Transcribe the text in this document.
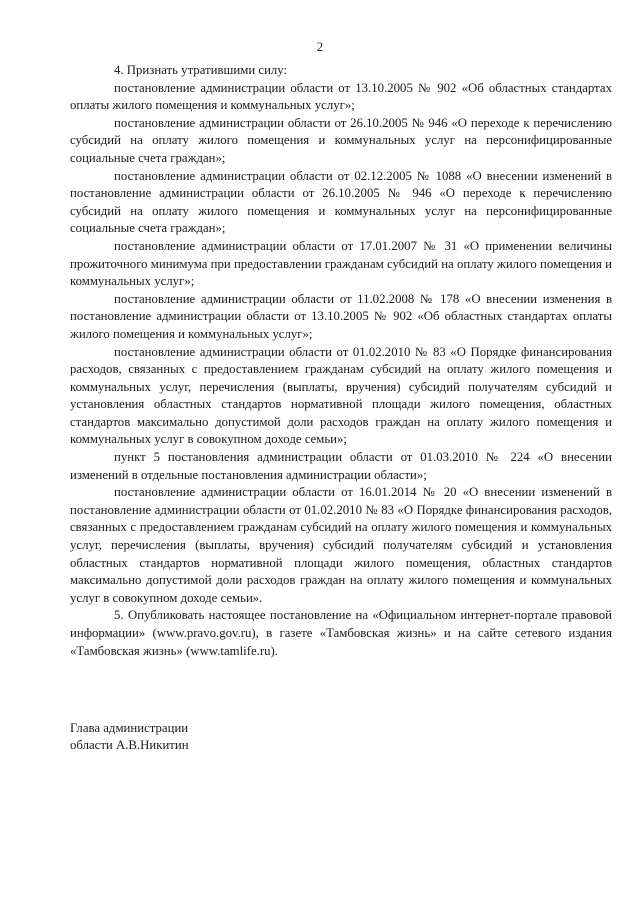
2

4. Признать утратившими силу:

постановление администрации области от 13.10.2005 № 902 «Об областных стандартах оплаты жилого помещения и коммунальных услуг»;

постановление администрации области от 26.10.2005 № 946 «О переходе к перечислению субсидий на оплату жилого помещения и коммунальных услуг на персонифицированные социальные счета граждан»;

постановление администрации области от 02.12.2005 № 1088 «О внесении изменений в постановление администрации области от 26.10.2005 № 946 «О переходе к перечислению субсидий на оплату жилого помещения и коммунальных услуг на персонифицированные социальные счета граждан»;

постановление администрации области от 17.01.2007 № 31 «О применении величины прожиточного минимума при предоставлении гражданам субсидий на оплату жилого помещения и коммунальных услуг»;

постановление администрации области от 11.02.2008 № 178 «О внесении изменения в постановление администрации области от 13.10.2005 № 902 «Об областных стандартах оплаты жилого помещения и коммунальных услуг»;

постановление администрации области от 01.02.2010 № 83 «О Порядке финансирования расходов, связанных с предоставлением гражданам субсидий на оплату жилого помещения и коммунальных услуг, перечисления (выплаты, вручения) субсидий получателям субсидий и установления областных стандартов нормативной площади жилого помещения, областных стандартов максимально допустимой доли расходов граждан на оплату жилого помещения и коммунальных услуг в совокупном доходе семьи»;

пункт 5 постановления администрации области от 01.03.2010 № 224 «О внесении изменений в отдельные постановления администрации области»;

постановление администрации области от 16.01.2014 № 20 «О внесении изменений в постановление администрации области от 01.02.2010 № 83 «О Порядке финансирования расходов, связанных с предоставлением гражданам субсидий на оплату жилого помещения и коммунальных услуг, перечисления (выплаты, вручения) субсидий получателям субсидий и установления областных стандартов нормативной площади жилого помещения, областных стандартов максимально допустимой доли расходов граждан на оплату жилого помещения и коммунальных услуг в совокупном доходе семьи».

5. Опубликовать настоящее постановление на «Официальном интернет-портале правовой информации» (www.pravo.gov.ru), в газете «Тамбовская жизнь» и на сайте сетевого издания «Тамбовская жизнь» (www.tamlife.ru).

Глава администрации
области А.В.Никитин
